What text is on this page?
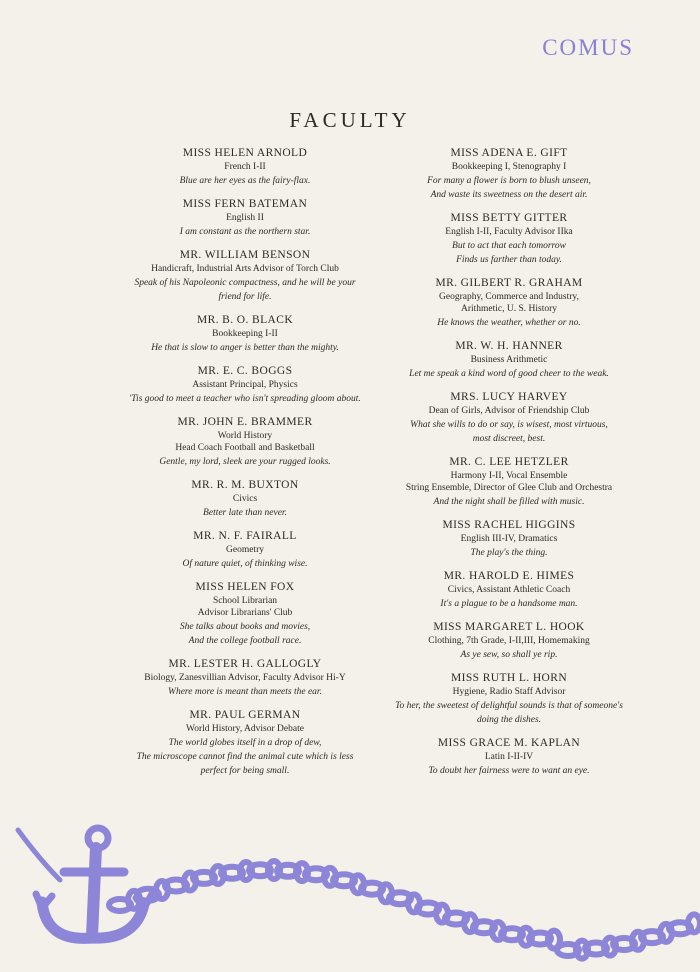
COMUS
FACULTY
MISS HELEN ARNOLD
French I-II
Blue are her eyes as the fairy-flax.
MISS FERN BATEMAN
English II
I am constant as the northern star.
MR. WILLIAM BENSON
Handicraft, Industrial Arts Advisor of Torch Club
Speak of his Napoleonic compactness, and he will be your
friend for life.
MR. B. O. BLACK
Bookkeeping I-II
He that is slow to anger is better than the mighty.
MR. E. C. BOGGS
Assistant Principal, Physics
'Tis good to meet a teacher who isn't spreading gloom about.
MR. JOHN E. BRAMMER
World History
Head Coach Football and Basketball
Gentle, my lord, sleek are your rugged looks.
MR. R. M. BUXTON
Civics
Better late than never.
MR. N. F. FAIRALL
Geometry
Of nature quiet, of thinking wise.
MISS HELEN FOX
School Librarian
Advisor Librarians' Club
She talks about books and movies,
And the college football race.
MR. LESTER H. GALLOGLY
Biology, Zanesvillian Advisor, Faculty Advisor Hi-Y
Where more is meant than meets the ear.
MR. PAUL GERMAN
World History, Advisor Debate
The world globes itself in a drop of dew,
The microscope cannot find the animal cute which is less
perfect for being small.
MISS ADENA E. GIFT
Bookkeeping I, Stenography I
For many a flower is born to blush unseen,
And waste its sweetness on the desert air.
MISS BETTY GITTER
English I-II, Faculty Advisor IIka
But to act that each tomorrow
Finds us farther than today.
MR. GILBERT R. GRAHAM
Geography, Commerce and Industry,
Arithmetic, U. S. History
He knows the weather, whether or no.
MR. W. H. HANNER
Business Arithmetic
Let me speak a kind word of good cheer to the weak.
MRS. LUCY HARVEY
Dean of Girls, Advisor of Friendship Club
What she wills to do or say, is wisest, most virtuous,
most discreet, best.
MR. C. LEE HETZLER
Harmony I-II, Vocal Ensemble
String Ensemble, Director of Glee Club and Orchestra
And the night shall be filled with music.
MISS RACHEL HIGGINS
English III-IV, Dramatics
The play's the thing.
MR. HAROLD E. HIMES
Civics, Assistant Athletic Coach
It's a plague to be a handsome man.
MISS MARGARET L. HOOK
Clothing, 7th Grade, I-II,III, Homemaking
As ye sew, so shall ye rip.
MISS RUTH L. HORN
Hygiene, Radio Staff Advisor
To her, the sweetest of delightful sounds is that of someone's
doing the dishes.
MISS GRACE M. KAPLAN
Latin I-II-IV
To doubt her fairness were to want an eye.
